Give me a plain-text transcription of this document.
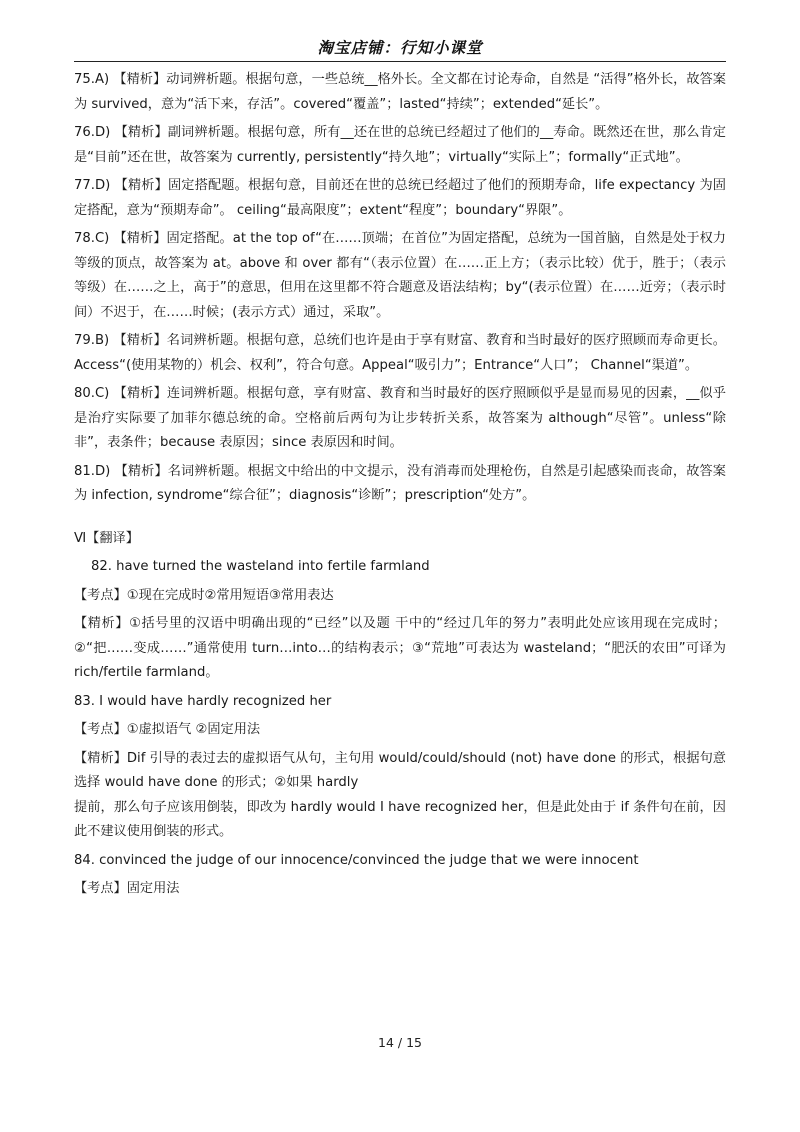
淘宝店铺：行知小课堂

75.A) 【精析】动词辨析题。根据句意，一些总统__格外长。全文都在讨论寿命，自然是 “活得”格外长，故答案为 survived，意为“活下来，存活”。covered“覆盖”；lasted“持续”；extended“延长”。

76.D) 【精析】副词辨析题。根据句意，所有__还在世的总统已经超过了他们的__寿命。既然还在世，那么肯定是“目前”还在世，故答案为 currently, persistently“持久地”；virtually“实际上”；formally“正式地”。

77.D) 【精析】固定搭配题。根据句意，目前还在世的总统已经超过了他们的预期寿命，life expectancy 为固定搭配，意为“预期寿命”。 ceiling“最高限度”；extent“程度”；boundary“界限”。

78.C) 【精析】固定搭配。at the top of“在……顶端；在首位”为固定搭配，总统为一国首脑，自然是处于权力等级的顶点，故答案为 at。above 和 over 都有“（表示位置）在……正上方；（表示比较）优于，胜于；（表示等级）在……之上，高于”的意思，但用在这里都不符合题意及语法结构；by“(表示位置）在……近旁；（表示时间）不迟于，在……时候；(表示方式）通过，采取”。

79.B) 【精析】名词辨析题。根据句意，总统们也许是由于享有财富、教育和当时最好的医疗照顾而寿命更长。Access“(使用某物的）机会、权利”，符合句意。Appeal“吸引力”；Entrance“人口”； Channel“渠道”。

80.C) 【精析】连词辨析题。根据句意，享有财富、教育和当时最好的医疗照顾似乎是显而易见的因素，__似乎是治疗实际要了加菲尔德总统的命。空格前后两句为让步转折关系，故答案为 although“尽管”。unless“除非”，表条件；because 表原因；since 表原因和时间。

81.D) 【精析】名词辨析题。根据文中给出的中文提示，没有消毒而处理枪伤，自然是引起感染而丧命，故答案为 infection, syndrome“综合征”；diagnosis“诊断”；prescription“处方”。

Ⅵ【翻译】

82. have turned the wasteland into fertile farmland

【考点】①现在完成时②常用短语③常用表达

【精析】①括号里的汉语中明确出现的“已经”以及题 干中的“经过几年的努力”表明此处应该用现在完成时；②“把……变成……”通常使用 turn…into…的结构表示；③“荒地”可表达为 wasteland；“肥沃的农田”可译为 rich/fertile farmland。

83. I would have hardly recognized her

【考点】①虚拟语气 ②固定用法

【精析】Dif 引导的表过去的虚拟语气从句，主句用 would/could/should (not) have done 的形式，根据句意选择 would have done 的形式；②如果 hardly
提前，那么句子应该用倒装，即改为 hardly would I have recognized her，但是此处由于 if 条件句在前，因此不建议使用倒装的形式。

84. convinced the judge of our innocence/convinced the judge that we were innocent

【考点】固定用法

14 / 15
